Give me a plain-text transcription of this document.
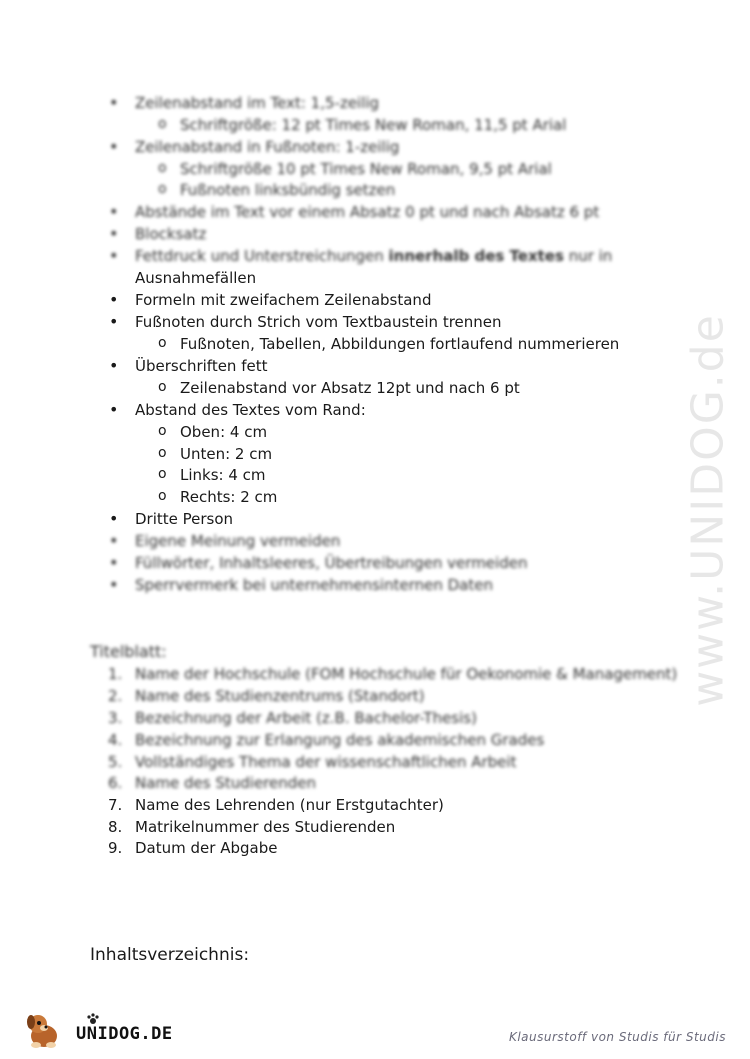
www.UNIDOG.de
• Zeilenabstand im Text: 1,5-zeilig
o Schriftgröße: 12 pt Times New Roman, 11,5 pt Arial
• Zeilenabstand in Fußnoten: 1-zeilig
o Schriftgröße 10 pt Times New Roman, 9,5 pt Arial
o Fußnoten linksbündig setzen
• Abstände im Text vor einem Absatz 0 pt und nach Absatz 6 pt
• Blocksatz
• Fettdruck und Unterstreichungen innerhalb des Textes nur in
Ausnahmefällen
• Formeln mit zweifachem Zeilenabstand
• Fußnoten durch Strich vom Textbaustein trennen
o Fußnoten, Tabellen, Abbildungen fortlaufend nummerieren
• Überschriften fett
o Zeilenabstand vor Absatz 12pt und nach 6 pt
• Abstand des Textes vom Rand:
o Oben: 4 cm
o Unten: 2 cm
o Links: 4 cm
o Rechts: 2 cm
• Dritte Person
• Eigene Meinung vermeiden
• Füllwörter, Inhaltsleeres, Übertreibungen vermeiden
• Sperrvermerk bei unternehmensinternen Daten
Titelblatt:
1. Name der Hochschule (FOM Hochschule für Oekonomie & Management)
2. Name des Studienzentrums (Standort)
3. Bezeichnung der Arbeit (z.B. Bachelor-Thesis)
4. Bezeichnung zur Erlangung des akademischen Grades
5. Vollständiges Thema der wissenschaftlichen Arbeit
6. Name des Studierenden
7. Name des Lehrenden (nur Erstgutachter)
8. Matrikelnummer des Studierenden
9. Datum der Abgabe
Inhaltsverzeichnis:
UNIDOG.DE	Klausurstoff von Studis für Studis
